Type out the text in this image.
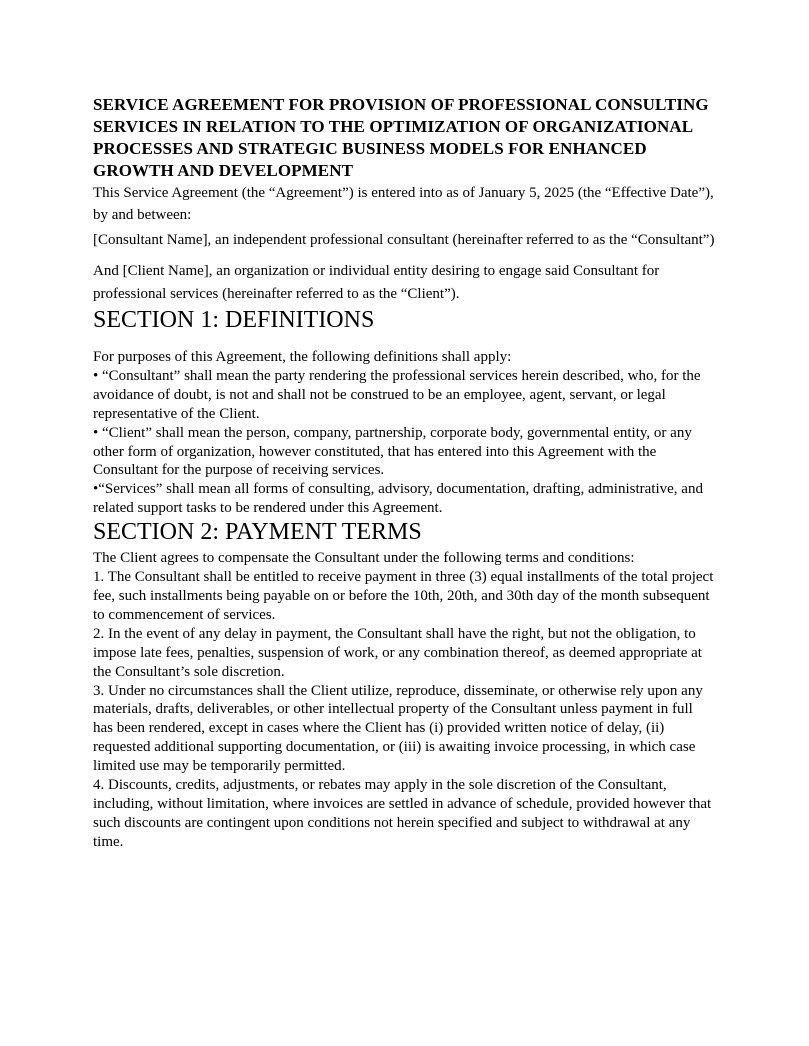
SERVICE AGREEMENT FOR PROVISION OF PROFESSIONAL CONSULTING SERVICES IN RELATION TO THE OPTIMIZATION OF ORGANIZATIONAL PROCESSES AND STRATEGIC BUSINESS MODELS FOR ENHANCED GROWTH AND DEVELOPMENT

This Service Agreement (the “Agreement”) is entered into as of January 5, 2025 (the “Effective Date”), by and between:

[Consultant Name], an independent professional consultant (hereinafter referred to as the “Consultant”)

And [Client Name], an organization or individual entity desiring to engage said Consultant for professional services (hereinafter referred to as the “Client”).

SECTION 1: DEFINITIONS

For purposes of this Agreement, the following definitions shall apply:

• “Consultant” shall mean the party rendering the professional services herein described, who, for the avoidance of doubt, is not and shall not be construed to be an employee, agent, servant, or legal representative of the Client.

• “Client” shall mean the person, company, partnership, corporate body, governmental entity, or any other form of organization, however constituted, that has entered into this Agreement with the Consultant for the purpose of receiving services.

•“Services” shall mean all forms of consulting, advisory, documentation, drafting, administrative, and related support tasks to be rendered under this Agreement.

SECTION 2: PAYMENT TERMS

The Client agrees to compensate the Consultant under the following terms and conditions:

1. The Consultant shall be entitled to receive payment in three (3) equal installments of the total project fee, such installments being payable on or before the 10th, 20th, and 30th day of the month subsequent to commencement of services.

2. In the event of any delay in payment, the Consultant shall have the right, but not the obligation, to impose late fees, penalties, suspension of work, or any combination thereof, as deemed appropriate at the Consultant’s sole discretion.

3. Under no circumstances shall the Client utilize, reproduce, disseminate, or otherwise rely upon any materials, drafts, deliverables, or other intellectual property of the Consultant unless payment in full has been rendered, except in cases where the Client has (i) provided written notice of delay, (ii) requested additional supporting documentation, or (iii) is awaiting invoice processing, in which case limited use may be temporarily permitted.

4. Discounts, credits, adjustments, or rebates may apply in the sole discretion of the Consultant, including, without limitation, where invoices are settled in advance of schedule, provided however that such discounts are contingent upon conditions not herein specified and subject to withdrawal at any time.
